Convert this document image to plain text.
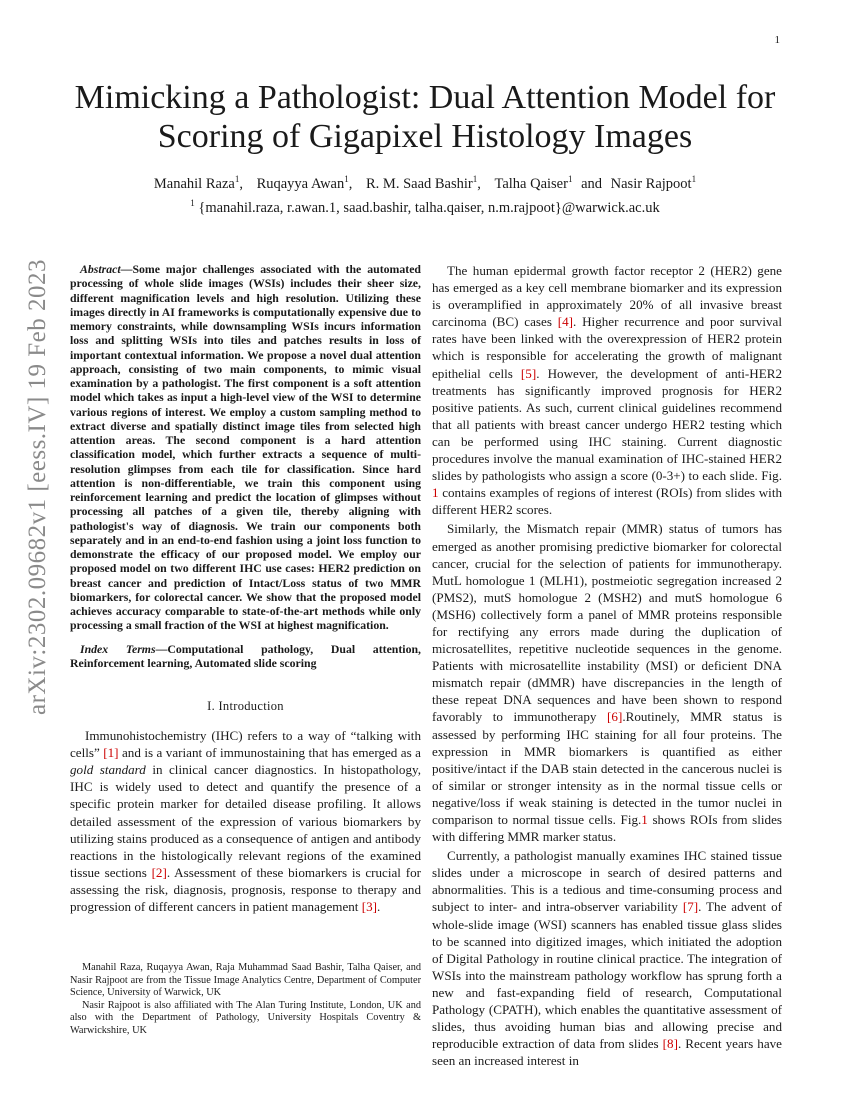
1
arXiv:2302.09682v1 [eess.IV] 19 Feb 2023
Mimicking a Pathologist: Dual Attention Model for
Scoring of Gigapixel Histology Images
Manahil Raza$^1$, Ruqayya Awan$^1$, R. M. Saad Bashir$^1$, Talha Qaiser$^1$ and Nasir Rajpoot$^1$
$^1$ {manahil.raza, r.awan.1, saad.bashir, talha.qaiser, n.m.rajpoot}@warwick.ac.uk

Abstract—Some major challenges associated with the automated processing of whole slide images (WSIs) includes their sheer size, different magnification levels and high resolution. Utilizing these images directly in AI frameworks is computationally expensive due to memory constraints, while downsampling WSIs incurs information loss and splitting WSIs into tiles and patches results in loss of important contextual information. We propose a novel dual attention approach, consisting of two main components, to mimic visual examination by a pathologist. The first component is a soft attention model which takes as input a high-level view of the WSI to determine various regions of interest. We employ a custom sampling method to extract diverse and spatially distinct image tiles from selected high attention areas. The second component is a hard attention classification model, which further extracts a sequence of multi-resolution glimpses from each tile for classification. Since hard attention is non-differentiable, we train this component using reinforcement learning and predict the location of glimpses without processing all patches of a given tile, thereby aligning with pathologist's way of diagnosis. We train our components both separately and in an end-to-end fashion using a joint loss function to demonstrate the efficacy of our proposed model. We employ our proposed model on two different IHC use cases: HER2 prediction on breast cancer and prediction of Intact/Loss status of two MMR biomarkers, for colorectal cancer. We show that the proposed model achieves accuracy comparable to state-of-the-art methods while only processing a small fraction of the WSI at highest magnification.

Index Terms—Computational pathology, Dual attention, Reinforcement learning, Automated slide scoring

I. Introduction

Immunohistochemistry (IHC) refers to a way of “talking with cells” [1] and is a variant of immunostaining that has emerged as a gold standard in clinical cancer diagnostics. In histopathology, IHC is widely used to detect and quantify the presence of a specific protein marker for detailed disease profiling. It allows detailed assessment of the expression of various biomarkers by utilizing stains produced as a consequence of antigen and antibody reactions in the histologically relevant regions of the examined tissue sections [2]. Assessment of these biomarkers is crucial for assessing the risk, diagnosis, prognosis, response to therapy and progression of different cancers in patient management [3].

Manahil Raza, Ruqayya Awan, Raja Muhammad Saad Bashir, Talha Qaiser, and Nasir Rajpoot are from the Tissue Image Analytics Centre, Department of Computer Science, University of Warwick, UK

Nasir Rajpoot is also affiliated with The Alan Turing Institute, London, UK and also with the Department of Pathology, University Hospitals Coventry & Warwickshire, UK

The human epidermal growth factor receptor 2 (HER2) gene has emerged as a key cell membrane biomarker and its expression is overamplified in approximately 20% of all invasive breast carcinoma (BC) cases [4]. Higher recurrence and poor survival rates have been linked with the overexpression of HER2 protein which is responsible for accelerating the growth of malignant epithelial cells [5]. However, the development of anti-HER2 treatments has significantly improved prognosis for HER2 positive patients. As such, current clinical guidelines recommend that all patients with breast cancer undergo HER2 testing which can be performed using IHC staining. Current diagnostic procedures involve the manual examination of IHC-stained HER2 slides by pathologists who assign a score (0-3+) to each slide. Fig. 1 contains examples of regions of interest (ROIs) from slides with different HER2 scores.

Similarly, the Mismatch repair (MMR) status of tumors has emerged as another promising predictive biomarker for colorectal cancer, crucial for the selection of patients for immunotherapy. MutL homologue 1 (MLH1), postmeiotic segregation increased 2 (PMS2), mutS homologue 2 (MSH2) and mutS homologue 6 (MSH6) collectively form a panel of MMR proteins responsible for rectifying any errors made during the duplication of microsatellites, repetitive nucleotide sequences in the genome. Patients with microsatellite instability (MSI) or deficient DNA mismatch repair (dMMR) have discrepancies in the length of these repeat DNA sequences and have been shown to respond favorably to immunotherapy [6].Routinely, MMR status is assessed by performing IHC staining for all four proteins. The expression in MMR biomarkers is quantified as either positive/intact if the DAB stain detected in the cancerous nuclei is of similar or stronger intensity as in the normal tissue cells or negative/loss if weak staining is detected in the tumor nuclei in comparison to normal tissue cells. Fig.1 shows ROIs from slides with differing MMR marker status.

Currently, a pathologist manually examines IHC stained tissue slides under a microscope in search of desired patterns and abnormalities. This is a tedious and time-consuming process and subject to inter- and intra-observer variability [7]. The advent of whole-slide image (WSI) scanners has enabled tissue glass slides to be scanned into digitized images, which initiated the adoption of Digital Pathology in routine clinical practice. The integration of WSIs into the mainstream pathology workflow has sprung forth a new and fast-expanding field of research, Computational Pathology (CPATH), which enables the quantitative assessment of slides, thus avoiding human bias and allowing precise and reproducible extraction of data from slides [8]. Recent years have seen an increased interest in
